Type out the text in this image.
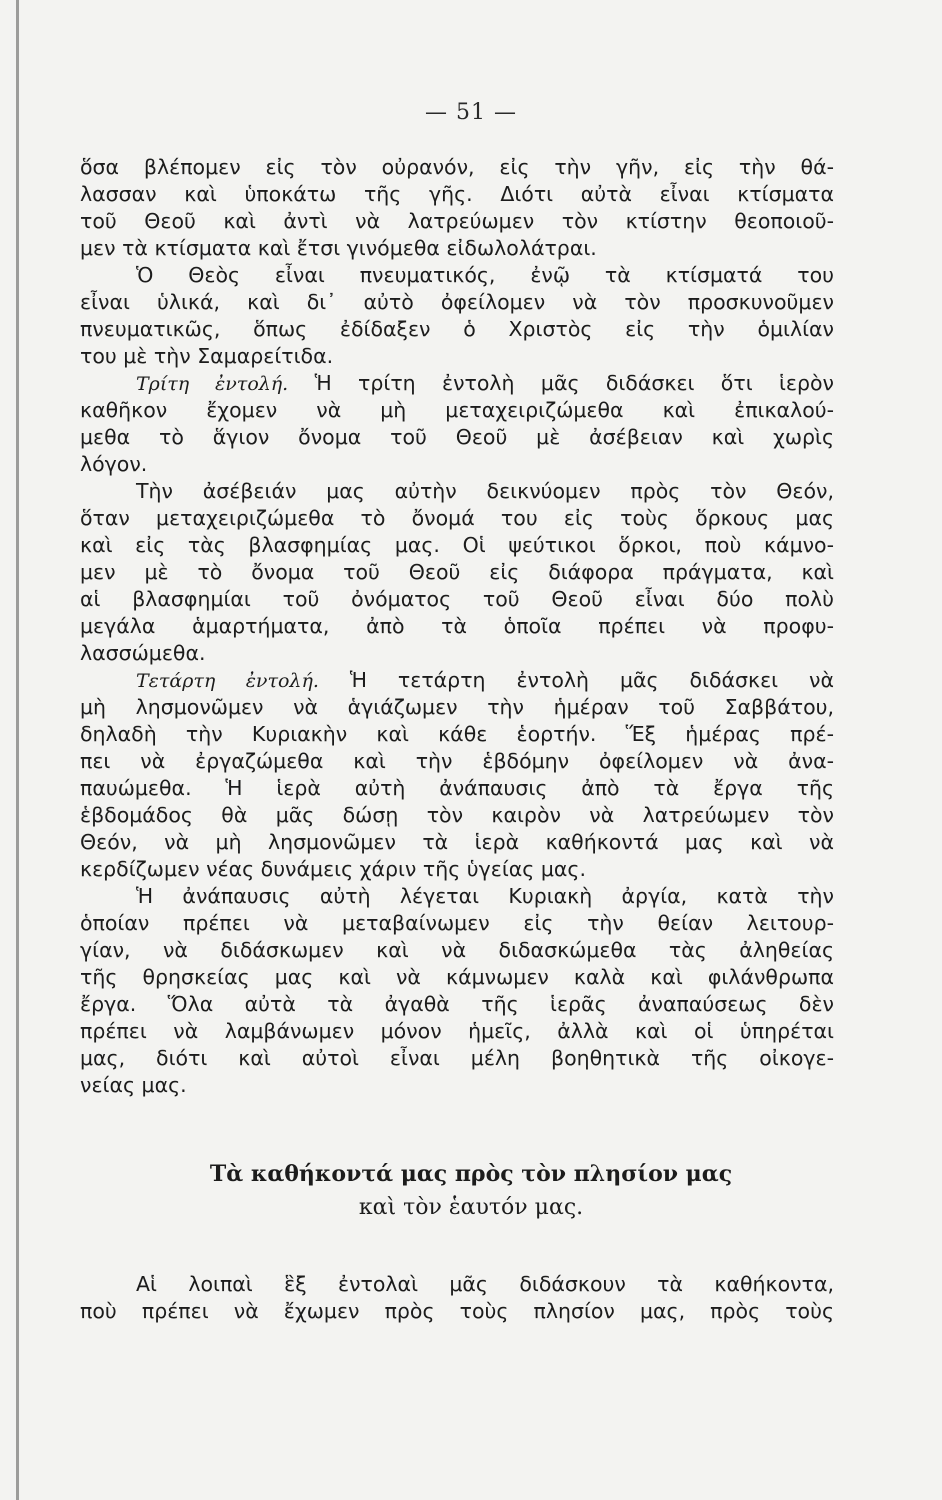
— 51 —
ὅσα βλέπομεν εἰς τὸν οὐρανόν, εἰς τὴν γῆν, εἰς τὴν θά-
λασσαν καὶ ὑποκάτω τῆς γῆς. Διότι αὐτὰ εἶναι κτίσματα
τοῦ Θεοῦ καὶ ἀντὶ νὰ λατρεύωμεν τὸν κτίστην θεοποιοῦ-
μεν τὰ κτίσματα καὶ ἔτσι γινόμεθα εἰδωλολάτραι.
Ὁ Θεὸς εἶναι πνευματικός, ἐνῷ τὰ κτίσματά του
εἶναι ὑλικά, καὶ δι᾽ αὐτὸ ὀφείλομεν νὰ τὸν προσκυνοῦμεν
πνευματικῶς, ὅπως ἐδίδαξεν ὁ Χριστὸς εἰς τὴν ὁμιλίαν
του μὲ τὴν Σαμαρείτιδα.
Τρίτη ἐντολή. Ἡ τρίτη ἐντολὴ μᾶς διδάσκει ὅτι ἱερὸν
καθῆκον ἔχομεν νὰ μὴ μεταχειριζώμεθα καὶ ἐπικαλού-
μεθα τὸ ἅγιον ὄνομα τοῦ Θεοῦ μὲ ἀσέβειαν καὶ χωρὶς
λόγον.
Τὴν ἀσέβειάν μας αὐτὴν δεικνύομεν πρὸς τὸν Θεόν,
ὅταν μεταχειριζώμεθα τὸ ὄνομά του εἰς τοὺς ὅρκους μας
καὶ εἰς τὰς βλασφημίας μας. Οἱ ψεύτικοι ὅρκοι, ποὺ κάμνο-
μεν μὲ τὸ ὄνομα τοῦ Θεοῦ εἰς διάφορα πράγματα, καὶ
αἱ βλασφημίαι τοῦ ὀνόματος τοῦ Θεοῦ εἶναι δύο πολὺ
μεγάλα ἁμαρτήματα, ἀπὸ τὰ ὁποῖα πρέπει νὰ προφυ-
λασσώμεθα.
Τετάρτη ἐντολή. Ἡ τετάρτη ἐντολὴ μᾶς διδάσκει νὰ
μὴ λησμονῶμεν νὰ ἁγιάζωμεν τὴν ἡμέραν τοῦ Σαββάτου,
δηλαδὴ τὴν Κυριακὴν καὶ κάθε ἑορτήν. Ἕξ ἡμέρας πρέ-
πει νὰ ἐργαζώμεθα καὶ τὴν ἑβδόμην ὀφείλομεν νὰ ἀνα-
παυώμεθα. Ἡ ἱερὰ αὐτὴ ἀνάπαυσις ἀπὸ τὰ ἔργα τῆς
ἑβδομάδος θὰ μᾶς δώσῃ τὸν καιρὸν νὰ λατρεύωμεν τὸν
Θεόν, νὰ μὴ λησμονῶμεν τὰ ἱερὰ καθήκοντά μας καὶ νὰ
κερδίζωμεν νέας δυνάμεις χάριν τῆς ὑγείας μας.
Ἡ ἀνάπαυσις αὐτὴ λέγεται Κυριακὴ ἀργία, κατὰ τὴν
ὁποίαν πρέπει νὰ μεταβαίνωμεν εἰς τὴν θείαν λειτουρ-
γίαν, νὰ διδάσκωμεν καὶ νὰ διδασκώμεθα τὰς ἀληθείας
τῆς θρησκείας μας καὶ νὰ κάμνωμεν καλὰ καὶ φιλάνθρωπα
ἔργα. Ὅλα αὐτὰ τὰ ἀγαθὰ τῆς ἱερᾶς ἀναπαύσεως δὲν
πρέπει νὰ λαμβάνωμεν μόνον ἡμεῖς, ἀλλὰ καὶ οἱ ὑπηρέται
μας, διότι καὶ αὐτοὶ εἶναι μέλη βοηθητικὰ τῆς οἰκογε-
νείας μας.
Τὰ καθήκοντά μας πρὸς τὸν πλησίον μας
καὶ τὸν ἑαυτόν μας.
Αἱ λοιπαὶ ἓξ ἐντολαὶ μᾶς διδάσκουν τὰ καθήκοντα,
ποὺ πρέπει νὰ ἔχωμεν πρὸς τοὺς πλησίον μας, πρὸς τοὺς
